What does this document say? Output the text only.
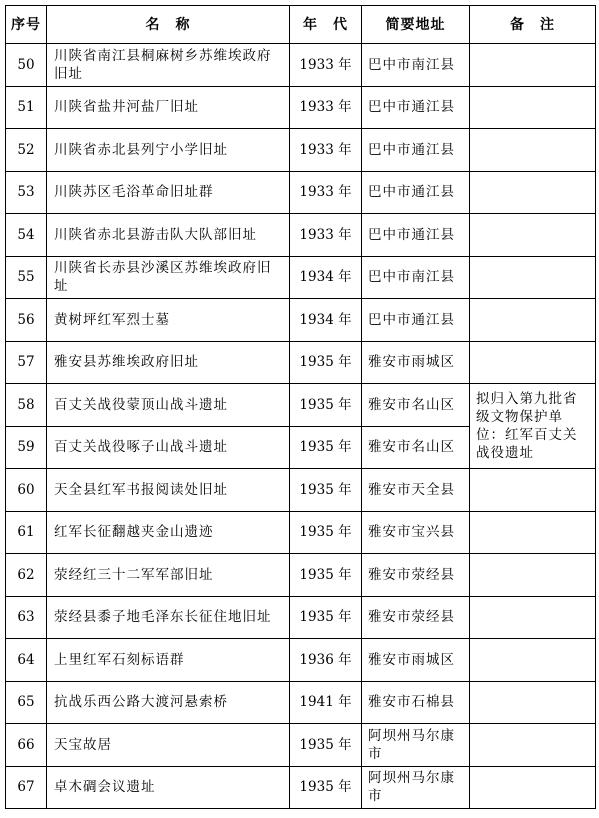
序号	名　称	年　代	简要地址	备　注
50	川陕省南江县桐麻树乡苏维埃政府旧址	1933 年	巴中市南江县	
51	川陕省盐井河盐厂旧址	1933 年	巴中市通江县	
52	川陕省赤北县列宁小学旧址	1933 年	巴中市通江县	
53	川陕苏区毛浴革命旧址群	1933 年	巴中市通江县	
54	川陕省赤北县游击队大队部旧址	1933 年	巴中市通江县	
55	川陕省长赤县沙溪区苏维埃政府旧址	1934 年	巴中市南江县	
56	黄树坪红军烈士墓	1934 年	巴中市通江县	
57	雅安县苏维埃政府旧址	1935 年	雅安市雨城区	
58	百丈关战役蒙顶山战斗遗址	1935 年	雅安市名山区	拟归入第九批省级文物保护单位：红军百丈关战役遗址
59	百丈关战役啄子山战斗遗址	1935 年	雅安市名山区	
60	天全县红军书报阅读处旧址	1935 年	雅安市天全县	
61	红军长征翻越夹金山遗迹	1935 年	雅安市宝兴县	
62	荥经红三十二军军部旧址	1935 年	雅安市荥经县	
63	荥经县黍子地毛泽东长征住地旧址	1935 年	雅安市荥经县	
64	上里红军石刻标语群	1936 年	雅安市雨城区	
65	抗战乐西公路大渡河悬索桥	1941 年	雅安市石棉县	
66	天宝故居	1935 年	阿坝州马尔康市	
67	卓木碉会议遗址	1935 年	阿坝州马尔康市	
